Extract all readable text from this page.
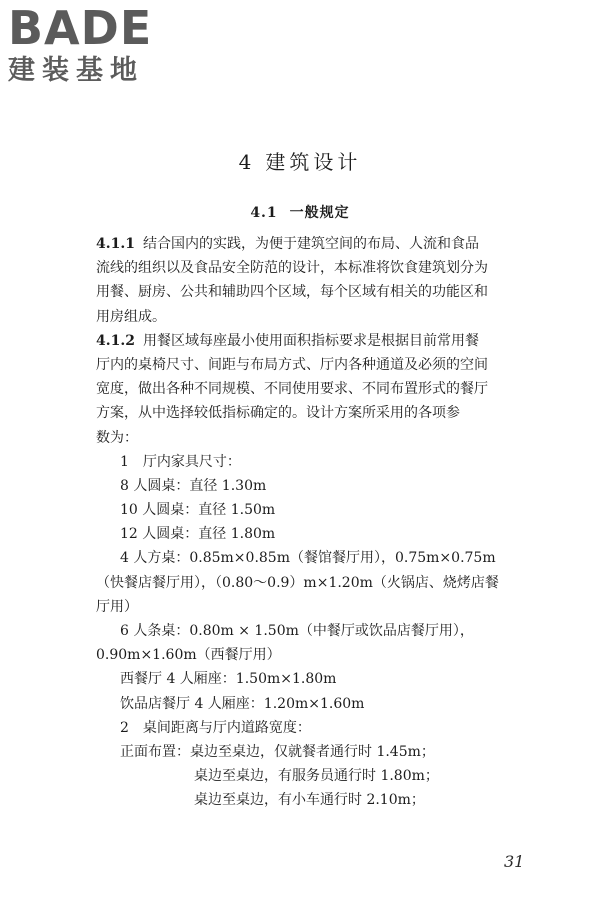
BADE
建装基地
4 建筑设计
4.1 一般规定
4.1.1 结合国内的实践，为便于建筑空间的布局、人流和食品
流线的组织以及食品安全防范的设计，本标准将饮食建筑划分为
用餐、厨房、公共和辅助四个区域，每个区域有相关的功能区和
用房组成。
4.1.2 用餐区域每座最小使用面积指标要求是根据目前常用餐
厅内的桌椅尺寸、间距与布局方式、厅内各种通道及必须的空间
宽度，做出各种不同规模、不同使用要求、不同布置形式的餐厅
方案，从中选择较低指标确定的。设计方案所采用的各项参
数为：
1　厅内家具尺寸：
8 人圆桌：直径 1.30m
10 人圆桌：直径 1.50m
12 人圆桌：直径 1.80m
4 人方桌：0.85m×0.85m（餐馆餐厅用），0.75m×0.75m
（快餐店餐厅用），（0.80～0.9）m×1.20m（火锅店、烧烤店餐
厅用）
6 人条桌：0.80m × 1.50m（中餐厅或饮品店餐厅用），
0.90m×1.60m（西餐厅用）
西餐厅 4 人厢座：1.50m×1.80m
饮品店餐厅 4 人厢座：1.20m×1.60m
2　桌间距离与厅内道路宽度：
正面布置：桌边至桌边，仅就餐者通行时 1.45m；
桌边至桌边，有服务员通行时 1.80m；
桌边至桌边，有小车通行时 2.10m；
31
